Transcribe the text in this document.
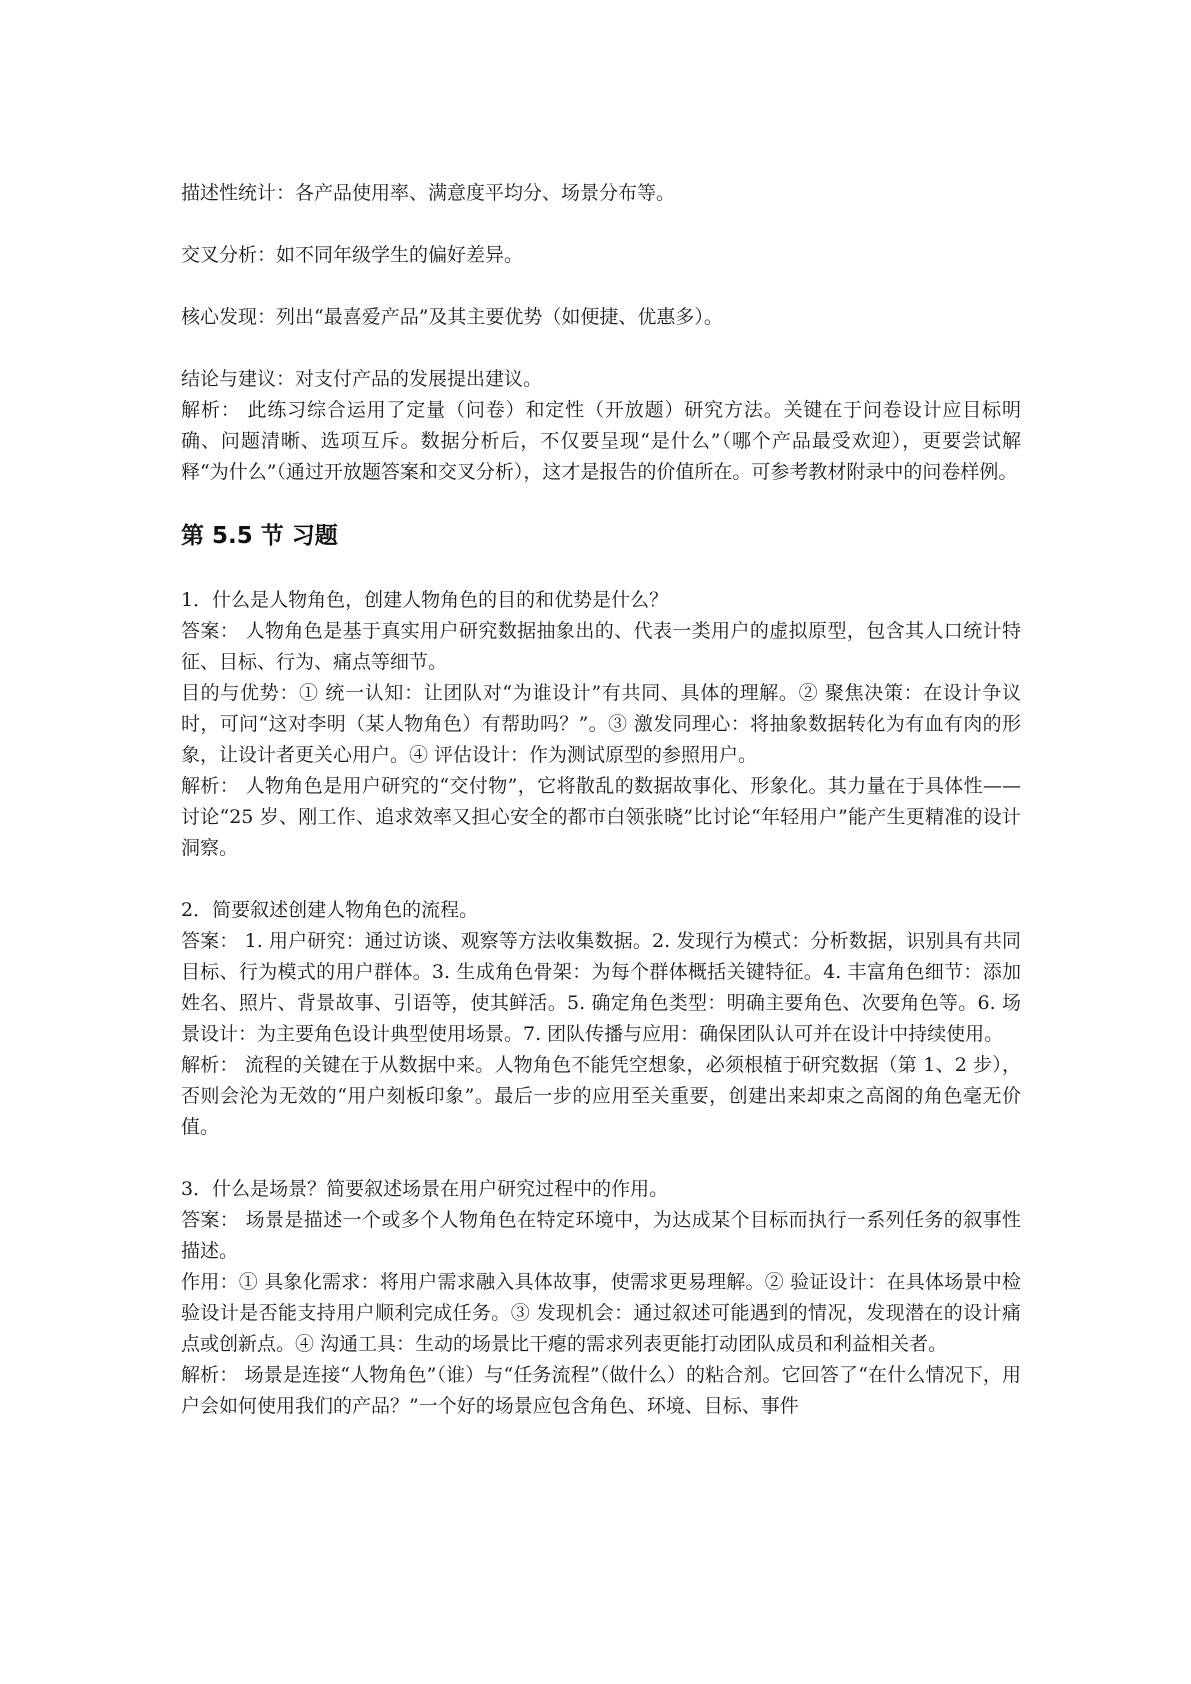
描述性统计：各产品使用率、满意度平均分、场景分布等。

交叉分析：如不同年级学生的偏好差异。

核心发现：列出“最喜爱产品”及其主要优势（如便捷、优惠多）。

结论与建议：对支付产品的发展提出建议。

解析： 此练习综合运用了定量（问卷）和定性（开放题）研究方法。关键在于问卷设计应目标明确、问题清晰、选项互斥。数据分析后，不仅要呈现“是什么”（哪个产品最受欢迎），更要尝试解释“为什么”（通过开放题答案和交叉分析），这才是报告的价值所在。可参考教材附录中的问卷样例。

第 5.5 节 习题

1．什么是人物角色，创建人物角色的目的和优势是什么？

答案： 人物角色是基于真实用户研究数据抽象出的、代表一类用户的虚拟原型，包含其人口统计特征、目标、行为、痛点等细节。

目的与优势：① 统一认知：让团队对“为谁设计”有共同、具体的理解。② 聚焦决策：在设计争议时，可问“这对李明（某人物角色）有帮助吗？”。③ 激发同理心：将抽象数据转化为有血有肉的形象，让设计者更关心用户。④ 评估设计：作为测试原型的参照用户。

解析： 人物角色是用户研究的“交付物”，它将散乱的数据故事化、形象化。其力量在于具体性——讨论“25 岁、刚工作、追求效率又担心安全的都市白领张晓”比讨论“年轻用户”能产生更精准的设计洞察。

2．简要叙述创建人物角色的流程。

答案： 1. 用户研究：通过访谈、观察等方法收集数据。2. 发现行为模式：分析数据，识别具有共同目标、行为模式的用户群体。3. 生成角色骨架：为每个群体概括关键特征。4. 丰富角色细节：添加姓名、照片、背景故事、引语等，使其鲜活。5. 确定角色类型：明确主要角色、次要角色等。6. 场景设计：为主要角色设计典型使用场景。7. 团队传播与应用：确保团队认可并在设计中持续使用。

解析： 流程的关键在于从数据中来。人物角色不能凭空想象，必须根植于研究数据（第 1、2 步），否则会沦为无效的“用户刻板印象”。最后一步的应用至关重要，创建出来却束之高阁的角色毫无价值。

3．什么是场景？简要叙述场景在用户研究过程中的作用。

答案： 场景是描述一个或多个人物角色在特定环境中，为达成某个目标而执行一系列任务的叙事性描述。

作用：① 具象化需求：将用户需求融入具体故事，使需求更易理解。② 验证设计：在具体场景中检验设计是否能支持用户顺利完成任务。③ 发现机会：通过叙述可能遇到的情况，发现潜在的设计痛点或创新点。④ 沟通工具：生动的场景比干瘪的需求列表更能打动团队成员和利益相关者。

解析： 场景是连接“人物角色”（谁）与“任务流程”（做什么）的粘合剂。它回答了“在什么情况下，用户会如何使用我们的产品？”一个好的场景应包含角色、环境、目标、事件
